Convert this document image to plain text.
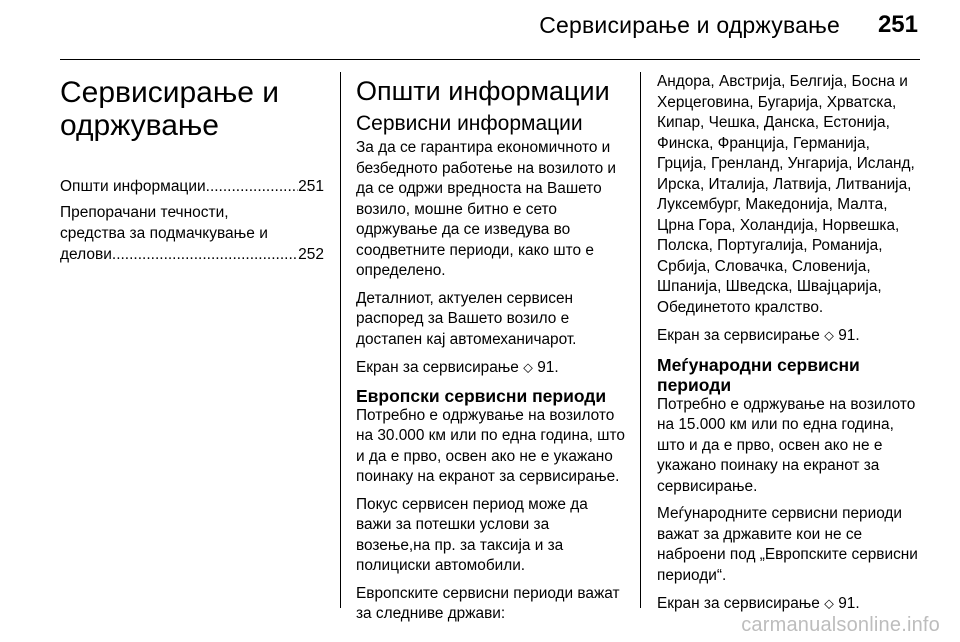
Сервисирање и одржување	251
Сервисирање и
одржување
Општи информации .....	251
Препорачани течности,
средства за подмачкување и
делови .....	252
Општи информации
Сервисни информации

За да се гарантира економичното и безбедното работење на возилото и да се одржи вредноста на Вашето возило, мошне битно е сето одржување да се изведува во соодветните периоди, како што е определено.

Деталниот, актуелен сервисен распоред за Вашето возило е достапен кај автомеханичарот.

Екран за сервисирање ⬦ 91.

Европски сервисни периоди

Потребно е одржување на возилото на 30.000 км или по една година, што и да е прво, освен ако не е укажано поинаку на екранот за сервисирање.

Покус сервисен период може да важи за потешки услови за возење,на пр. за таксија и за полициски автомобили.

Европските сервисни периоди важат за следниве држави:

Андора, Австрија, Белгија, Босна и Херцеговина, Бугарија, Хрватска, Кипар, Чешка, Данска, Естонија, Финска, Франција, Германија, Грција, Гренланд, Унгарија, Исланд, Ирска, Италија, Латвија, Литванија, Луксембург, Македонија, Малта, Црна Гора, Холандија, Норвешка, Полска, Португалија, Романија, Србија, Словачка, Словенија, Шпанија, Шведска, Швајцарија, Обединетото кралство.

Екран за сервисирање ⬦ 91.

Меѓународни сервисни
периоди

Потребно е одржување на возилото на 15.000 км или по една година, што и да е прво, освен ако не е укажано поинаку на екранот за сервисирање.

Меѓународните сервисни периоди важат за државите кои не се наброени под „Европските сервисни периоди“.

Екран за сервисирање ⬦ 91.

carmanualsonline.info
